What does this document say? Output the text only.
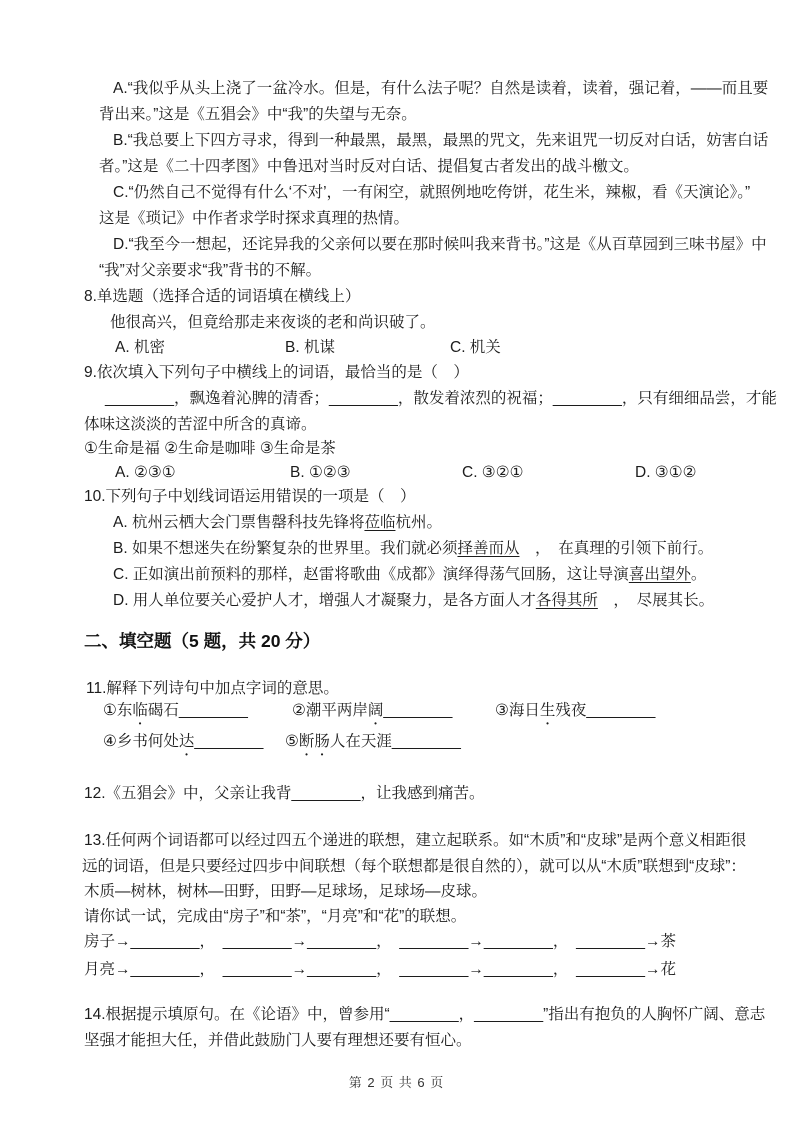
A.“我似乎从头上浇了一盆冷水。但是，有什么法子呢？自然是读着，读着，强记着，——而且要
背出来。”这是《五猖会》中“我”的失望与无奈。
B.“我总要上下四方寻求，得到一种最黑，最黑，最黑的咒文，先来诅咒一切反对白话，妨害白话
者。”这是《二十四孝图》中鲁迅对当时反对白话、提倡复古者发出的战斗檄文。
C.“仍然自己不觉得有什么‘不对’，一有闲空，就照例地吃侉饼，花生米，辣椒，看《天演论》。”
这是《琐记》中作者求学时探求真理的热情。
D.“我至今一想起，还诧异我的父亲何以要在那时候叫我来背书。”这是《从百草园到三味书屋》中
“我”对父亲要求“我”背书的不解。
8.单选题（选择合适的词语填在横线上）
他很高兴，但竟给那走来夜谈的老和尚识破了。
A. 机密	B. 机谋	C. 机关
9.依次填入下列句子中横线上的词语，最恰当的是（　）
________，飘逸着沁脾的清香；________，散发着浓烈的祝福；________，只有细细品尝，才能
体味这淡淡的苦涩中所含的真谛。
①生命是福 ②生命是咖啡 ③生命是茶
A. ②③①	B. ①②③	C. ③②①	D. ③①②
10.下列句子中划线词语运用错误的一项是（　）
A. 杭州云栖大会门票售罄科技先锋将莅临杭州。
B. 如果不想迷失在纷繁复杂的世界里。我们就必须择善而从　，　在真理的引领下前行。
C. 正如演出前预料的那样，赵雷将歌曲《成都》演绎得荡气回肠，这让导演喜出望外。
D. 用人单位要关心爱护人才，增强人才凝聚力，是各方面人才各得其所　，　尽展其长。
二、填空题（5 题，共 20 分）
11.解释下列诗句中加点字词的意思。
①东临碣石________	②潮平两岸阔________	③海日生残夜________
④乡书何处达________ ⑤断肠人在天涯________
12.《五猖会》中，父亲让我背________，让我感到痛苦。
13.任何两个词语都可以经过四五个递进的联想，建立起联系。如“木质”和“皮球”是两个意义相距很
远的词语，但是只要经过四步中间联想（每个联想都是很自然的），就可以从“木质”联想到“皮球”：
木质—树林，树林—田野，田野—足球场，足球场—皮球。
请你试一试，完成由“房子”和“茶”，“月亮”和“花”的联想。
房子→________，　________→________，　________→________，　________→茶
月亮→________，　________→________，　________→________，　________→花
14.根据提示填原句。在《论语》中，曾参用“________，________”指出有抱负的人胸怀广阔、意志
坚强才能担大任，并借此鼓励门人要有理想还要有恒心。
第 2 页 共 6 页
